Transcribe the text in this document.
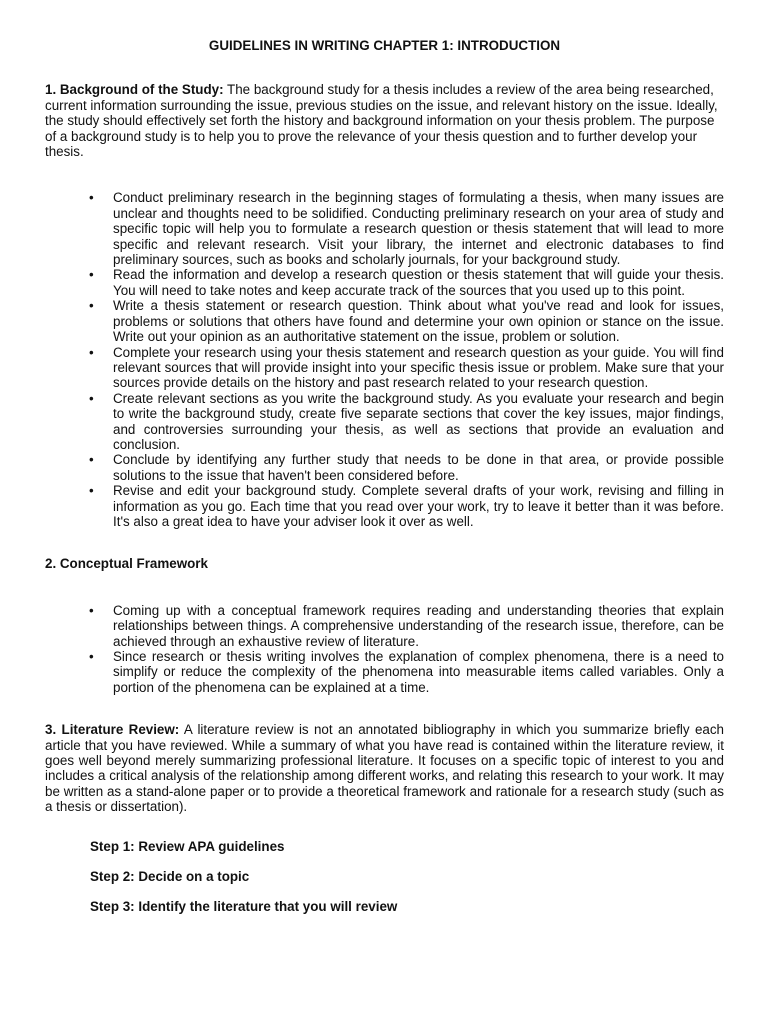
GUIDELINES IN WRITING CHAPTER 1: INTRODUCTION

1. Background of the Study: The background study for a thesis includes a review of the area being researched, current information surrounding the issue, previous studies on the issue, and relevant history on the issue. Ideally, the study should effectively set forth the history and background information on your thesis problem. The purpose of a background study is to help you to prove the relevance of your thesis question and to further develop your thesis.

• Conduct preliminary research in the beginning stages of formulating a thesis, when many issues are unclear and thoughts need to be solidified. Conducting preliminary research on your area of study and specific topic will help you to formulate a research question or thesis statement that will lead to more specific and relevant research. Visit your library, the internet and electronic databases to find preliminary sources, such as books and scholarly journals, for your background study.
• Read the information and develop a research question or thesis statement that will guide your thesis. You will need to take notes and keep accurate track of the sources that you used up to this point.
• Write a thesis statement or research question. Think about what you've read and look for issues, problems or solutions that others have found and determine your own opinion or stance on the issue. Write out your opinion as an authoritative statement on the issue, problem or solution.
• Complete your research using your thesis statement and research question as your guide. You will find relevant sources that will provide insight into your specific thesis issue or problem. Make sure that your sources provide details on the history and past research related to your research question.
• Create relevant sections as you write the background study. As you evaluate your research and begin to write the background study, create five separate sections that cover the key issues, major findings, and controversies surrounding your thesis, as well as sections that provide an evaluation and conclusion.
• Conclude by identifying any further study that needs to be done in that area, or provide possible solutions to the issue that haven't been considered before.
• Revise and edit your background study. Complete several drafts of your work, revising and filling in information as you go. Each time that you read over your work, try to leave it better than it was before. It's also a great idea to have your adviser look it over as well.

2. Conceptual Framework

• Coming up with a conceptual framework requires reading and understanding theories that explain relationships between things. A comprehensive understanding of the research issue, therefore, can be achieved through an exhaustive review of literature.
• Since research or thesis writing involves the explanation of complex phenomena, there is a need to simplify or reduce the complexity of the phenomena into measurable items called variables. Only a portion of the phenomena can be explained at a time.

3. Literature Review: A literature review is not an annotated bibliography in which you summarize briefly each article that you have reviewed. While a summary of what you have read is contained within the literature review, it goes well beyond merely summarizing professional literature. It focuses on a specific topic of interest to you and includes a critical analysis of the relationship among different works, and relating this research to your work. It may be written as a stand-alone paper or to provide a theoretical framework and rationale for a research study (such as a thesis or dissertation).

Step 1: Review APA guidelines

Step 2: Decide on a topic

Step 3: Identify the literature that you will review
